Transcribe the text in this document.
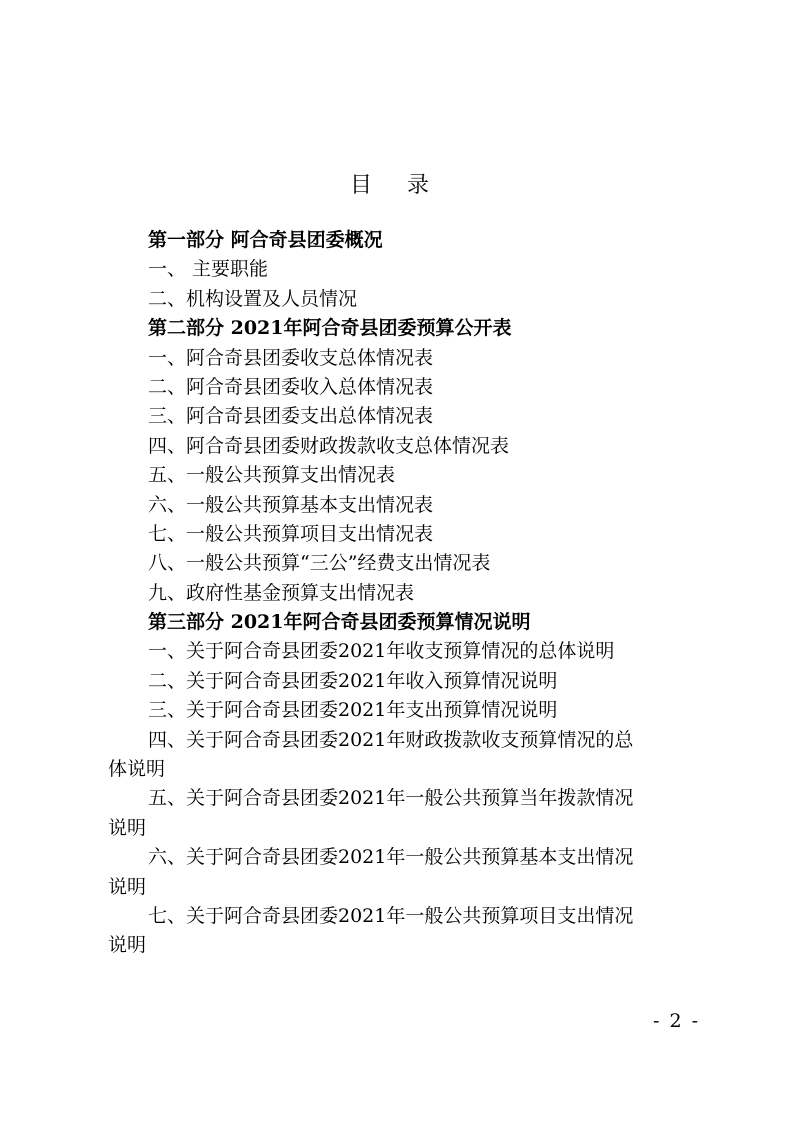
目 录
第一部分 阿合奇县团委概况
一、 主要职能
二、机构设置及人员情况
第二部分 2021年阿合奇县团委预算公开表
一、阿合奇县团委收支总体情况表
二、阿合奇县团委收入总体情况表
三、阿合奇县团委支出总体情况表
四、阿合奇县团委财政拨款收支总体情况表
五、一般公共预算支出情况表
六、一般公共预算基本支出情况表
七、一般公共预算项目支出情况表
八、一般公共预算“三公”经费支出情况表
九、政府性基金预算支出情况表
第三部分 2021年阿合奇县团委预算情况说明
一、关于阿合奇县团委2021年收支预算情况的总体说明
二、关于阿合奇县团委2021年收入预算情况说明
三、关于阿合奇县团委2021年支出预算情况说明
四、关于阿合奇县团委2021年财政拨款收支预算情况的总
体说明
五、关于阿合奇县团委2021年一般公共预算当年拨款情况
说明
六、关于阿合奇县团委2021年一般公共预算基本支出情况
说明
七、关于阿合奇县团委2021年一般公共预算项目支出情况
说明
- 2 -
